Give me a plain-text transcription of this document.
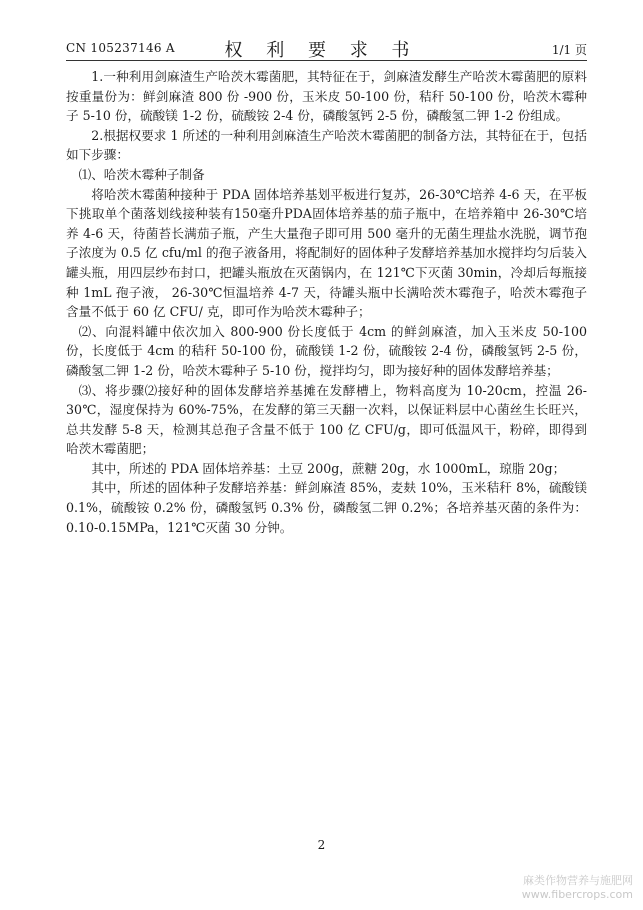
CN 105237146 A	权 利 要 求 书	1/1 页

1.一种利用剑麻渣生产哈茨木霉菌肥，其特征在于，剑麻渣发酵生产哈茨木霉菌肥的原料按重量份为：鲜剑麻渣 800 份 -900 份，玉米皮 50-100 份，秸秆 50-100 份，哈茨木霉种子 5-10 份，硫酸镁 1-2 份，硫酸铵 2-4 份，磷酸氢钙 2-5 份，磷酸氢二钾 1-2 份组成。

2.根据权要求 1 所述的一种利用剑麻渣生产哈茨木霉菌肥的制备方法，其特征在于，包括如下步骤：

⑴、哈茨木霉种子制备

将哈茨木霉菌种接种于 PDA 固体培养基划平板进行复苏，26-30℃培养 4-6 天，在平板下挑取单个菌落划线接种装有150毫升PDA固体培养基的茄子瓶中，在培养箱中 26-30℃培养 4-6 天，待菌苔长满茄子瓶，产生大量孢子即可用 500 毫升的无菌生理盐水洗脱，调节孢子浓度为 0.5 亿 cfu/ml 的孢子液备用，将配制好的固体种子发酵培养基加水搅拌均匀后装入罐头瓶，用四层纱布封口，把罐头瓶放在灭菌锅内，在 121℃下灭菌 30min，冷却后每瓶接种 1mL 孢子液， 26-30℃恒温培养 4-7 天，待罐头瓶中长满哈茨木霉孢子，哈茨木霉孢子含量不低于 60 亿 CFU/ 克，即可作为哈茨木霉种子；

⑵、向混料罐中依次加入 800-900 份长度低于 4cm 的鲜剑麻渣，加入玉米皮 50-100 份，长度低于 4cm 的秸秆 50-100 份，硫酸镁 1-2 份，硫酸铵 2-4 份，磷酸氢钙 2-5 份，磷酸氢二钾 1-2 份，哈茨木霉种子 5-10 份，搅拌均匀，即为接好种的固体发酵培养基；

⑶、将步骤⑵接好种的固体发酵培养基摊在发酵槽上，物料高度为 10-20cm，控温 26-30℃，湿度保持为 60%-75%，在发酵的第三天翻一次料，以保证料层中心菌丝生长旺兴，总共发酵 5-8 天，检测其总孢子含量不低于 100 亿 CFU/g，即可低温风干，粉碎，即得到哈茨木霉菌肥；

其中，所述的 PDA 固体培养基：土豆 200g，蔗糖 20g，水 1000mL，琼脂 20g；

其中，所述的固体种子发酵培养基：鲜剑麻渣 85%，麦麸 10%，玉米秸秆 8%，硫酸镁 0.1%，硫酸铵 0.2% 份，磷酸氢钙 0.3% 份，磷酸氢二钾 0.2%；各培养基灭菌的条件为：0.10-0.15MPa，121℃灭菌 30 分钟。

2
麻类作物营养与施肥网
www.fibercrops.com
